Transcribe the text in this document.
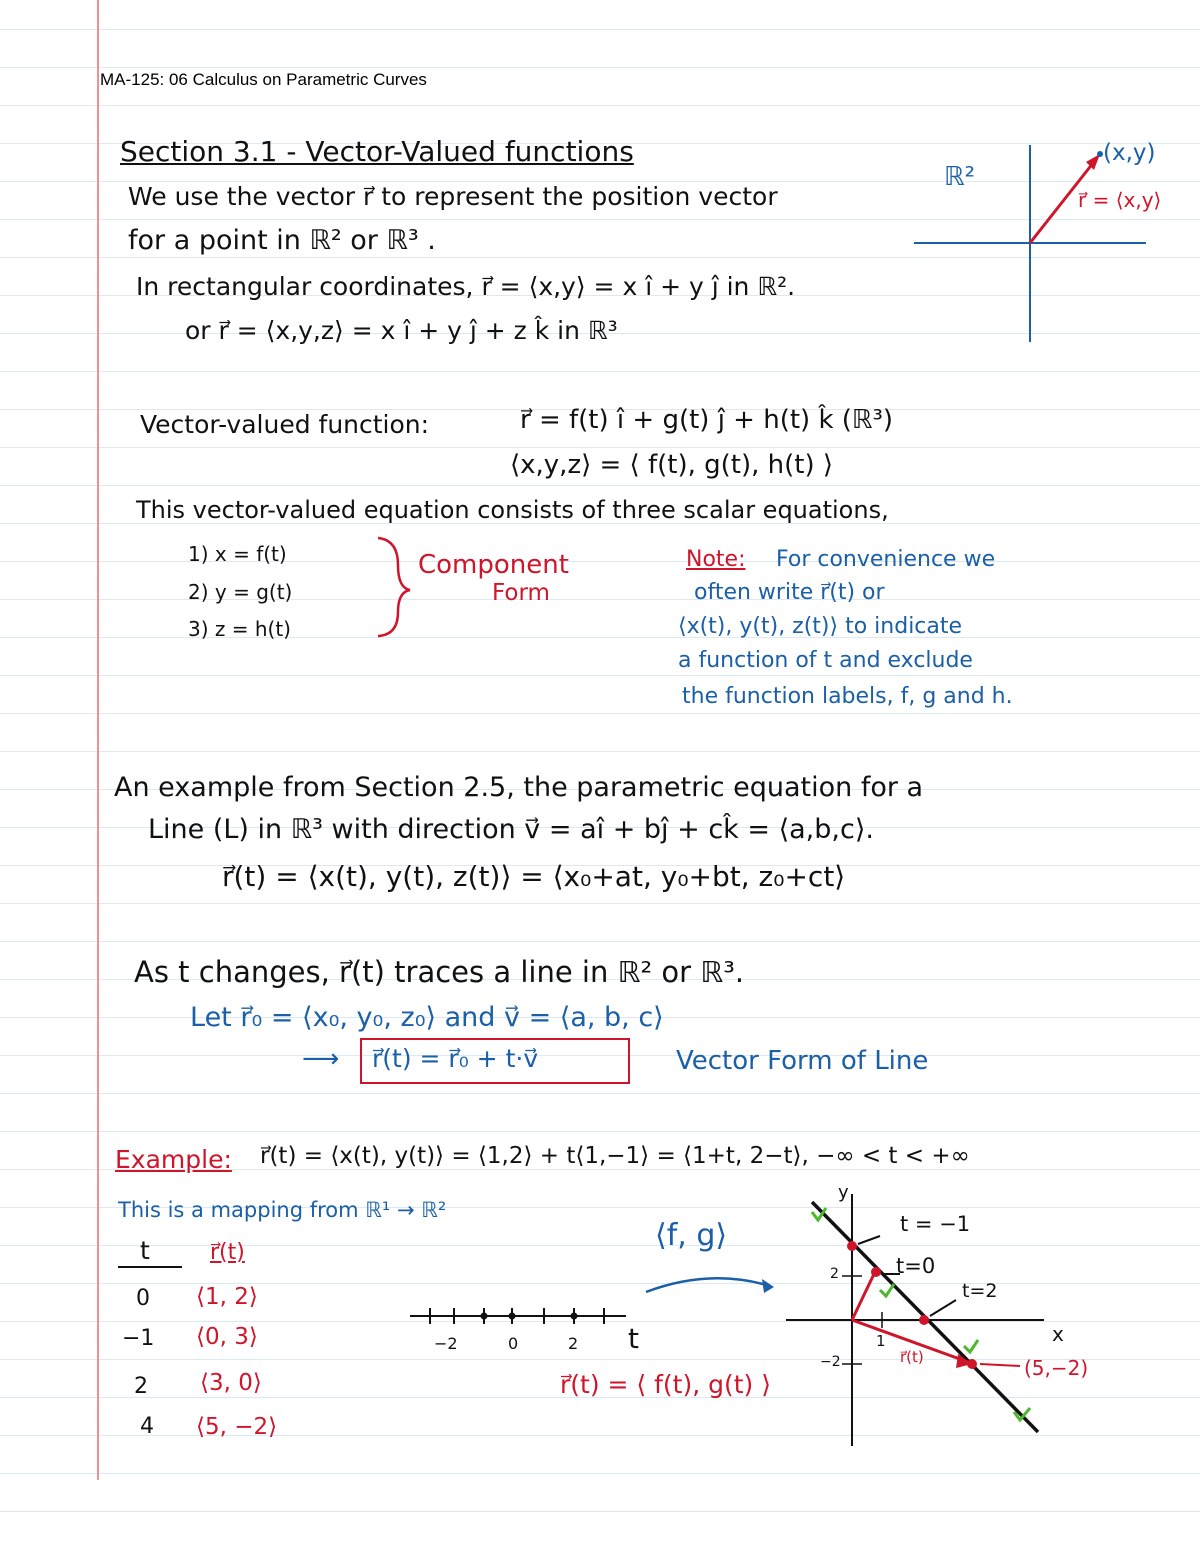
MA-125: 06 Calculus on Parametric Curves
Section 3.1 - Vector-Valued functions
We use the vector r⃗ to represent the position vector
for a point in ℝ² or ℝ³ .
In rectangular coordinates, r⃗ = ⟨x,y⟩ = x î + y ĵ in ℝ².
or r⃗ = ⟨x,y,z⟩ = x î + y ĵ + z k̂ in ℝ³
ℝ²
(x,y)
r⃗ = ⟨x,y⟩
Vector-valued function:	r⃗ = f(t) î + g(t) ĵ + h(t) k̂ (ℝ³)
⟨x,y,z⟩ = ⟨ f(t), g(t), h(t) ⟩
This vector-valued equation consists of three scalar equations,
1) x = f(t)
2) y = g(t)
3) z = h(t)
Component
Form
Note: For convenience we
often write r⃗(t) or
⟨x(t), y(t), z(t)⟩ to indicate
a function of t and exclude
the function labels, f, g and h.
An example from Section 2.5, the parametric equation for a
Line (L) in ℝ³ with direction v⃗ = aî + bĵ + ck̂ = ⟨a,b,c⟩.
r⃗(t) = ⟨x(t), y(t), z(t)⟩ = ⟨x₀+at, y₀+bt, z₀+ct⟩
As t changes, r⃗(t) traces a line in ℝ² or ℝ³.
Let r⃗₀ = ⟨x₀, y₀, z₀⟩ and v⃗ = ⟨a, b, c⟩
⟶ r⃗(t) = r⃗₀ + t·v⃗	Vector Form of Line
Example: r⃗(t) = ⟨x(t), y(t)⟩ = ⟨1,2⟩ + t⟨1,−1⟩ = ⟨1+t, 2−t⟩, −∞ < t < +∞
This is a mapping from ℝ¹ → ℝ²
t	r⃗(t)
0 ⟨1, 2⟩
−1 ⟨0, 3⟩
2 ⟨3, 0⟩
4 ⟨5, −2⟩
⟨f, g⟩
−2	0	2 t
r⃗(t) = ⟨ f(t), g(t) ⟩
y
x
2
−2
1
t = −1
t=0
t=2
(5,−2)
r⃗(t)
